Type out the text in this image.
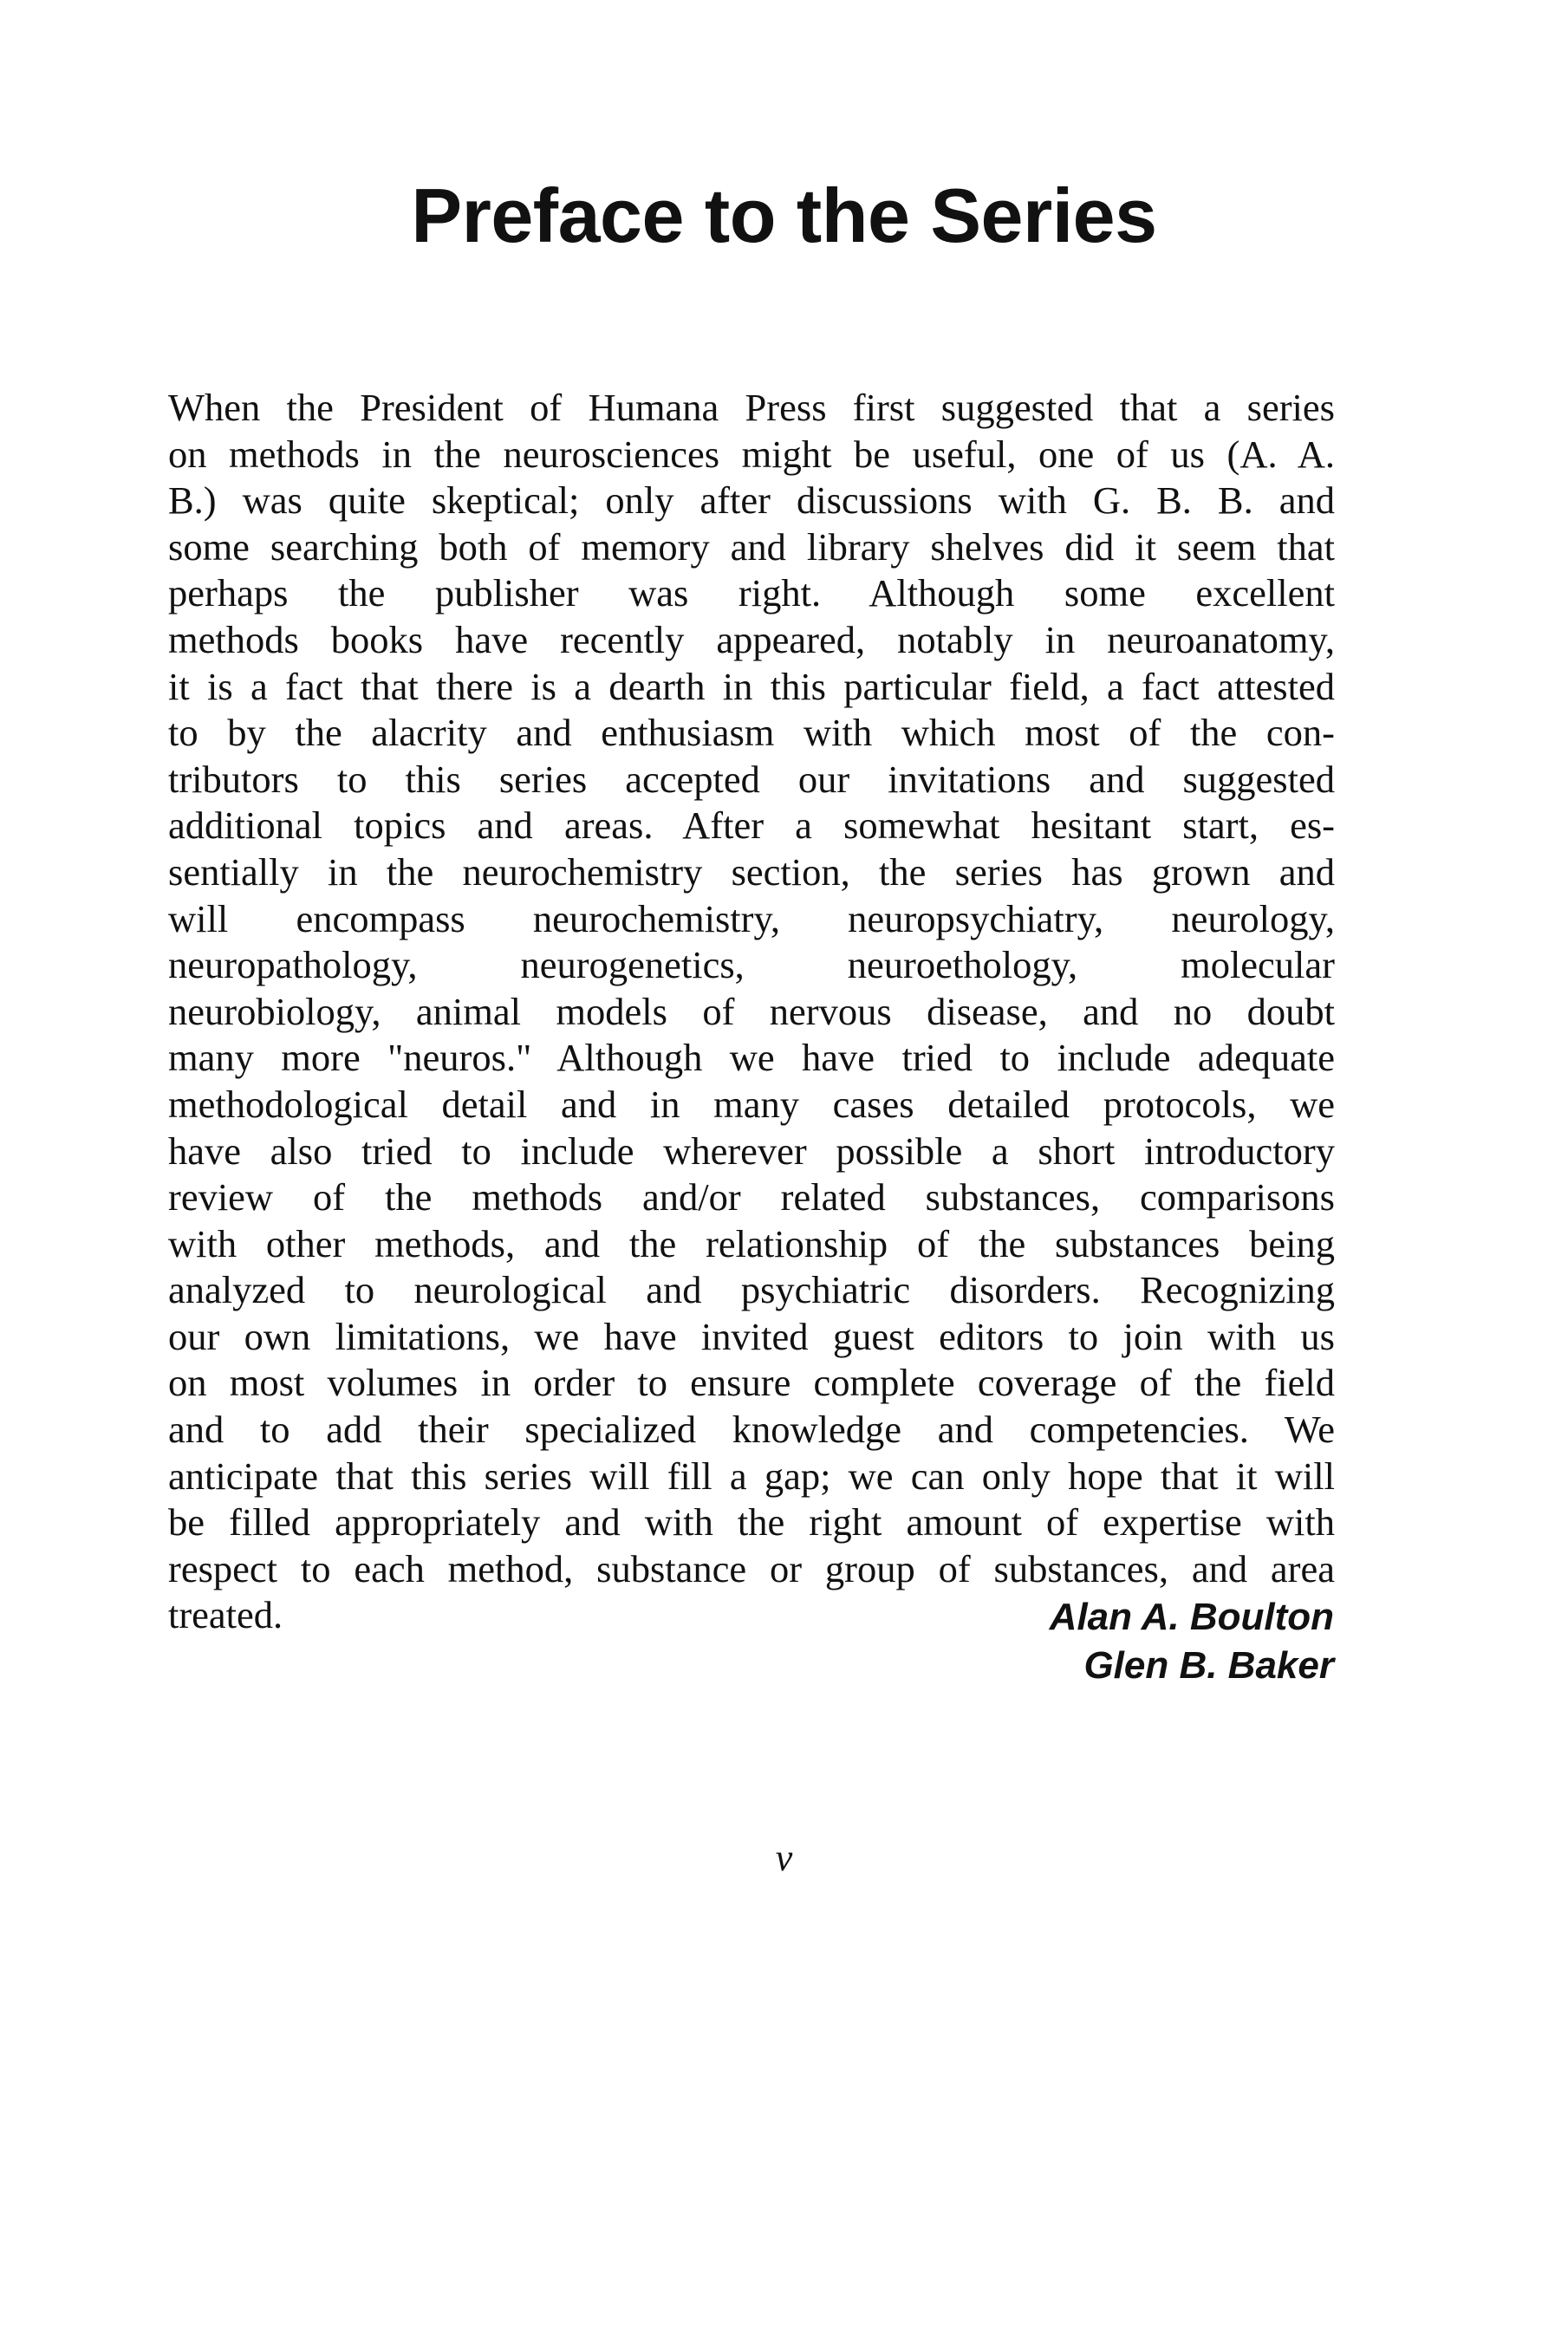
Preface to the Series

When the President of Humana Press first suggested that a series
on methods in the neurosciences might be useful, one of us (A. A.
B.) was quite skeptical; only after discussions with G. B. B. and
some searching both of memory and library shelves did it seem that
perhaps the publisher was right. Although some excellent
methods books have recently appeared, notably in neuroanatomy,
it is a fact that there is a dearth in this particular field, a fact attested
to by the alacrity and enthusiasm with which most of the con-
tributors to this series accepted our invitations and suggested
additional topics and areas. After a somewhat hesitant start, es-
sentially in the neurochemistry section, the series has grown and
will encompass neurochemistry, neuropsychiatry, neurology,
neuropathology, neurogenetics, neuroethology, molecular
neurobiology, animal models of nervous disease, and no doubt
many more "neuros." Although we have tried to include adequate
methodological detail and in many cases detailed protocols, we
have also tried to include wherever possible a short introductory
review of the methods and/or related substances, comparisons
with other methods, and the relationship of the substances being
analyzed to neurological and psychiatric disorders. Recognizing
our own limitations, we have invited guest editors to join with us
on most volumes in order to ensure complete coverage of the field
and to add their specialized knowledge and competencies. We
anticipate that this series will fill a gap; we can only hope that it will
be filled appropriately and with the right amount of expertise with
respect to each method, substance or group of substances, and area
treated.	Alan A. Boulton
Glen B. Baker
v
